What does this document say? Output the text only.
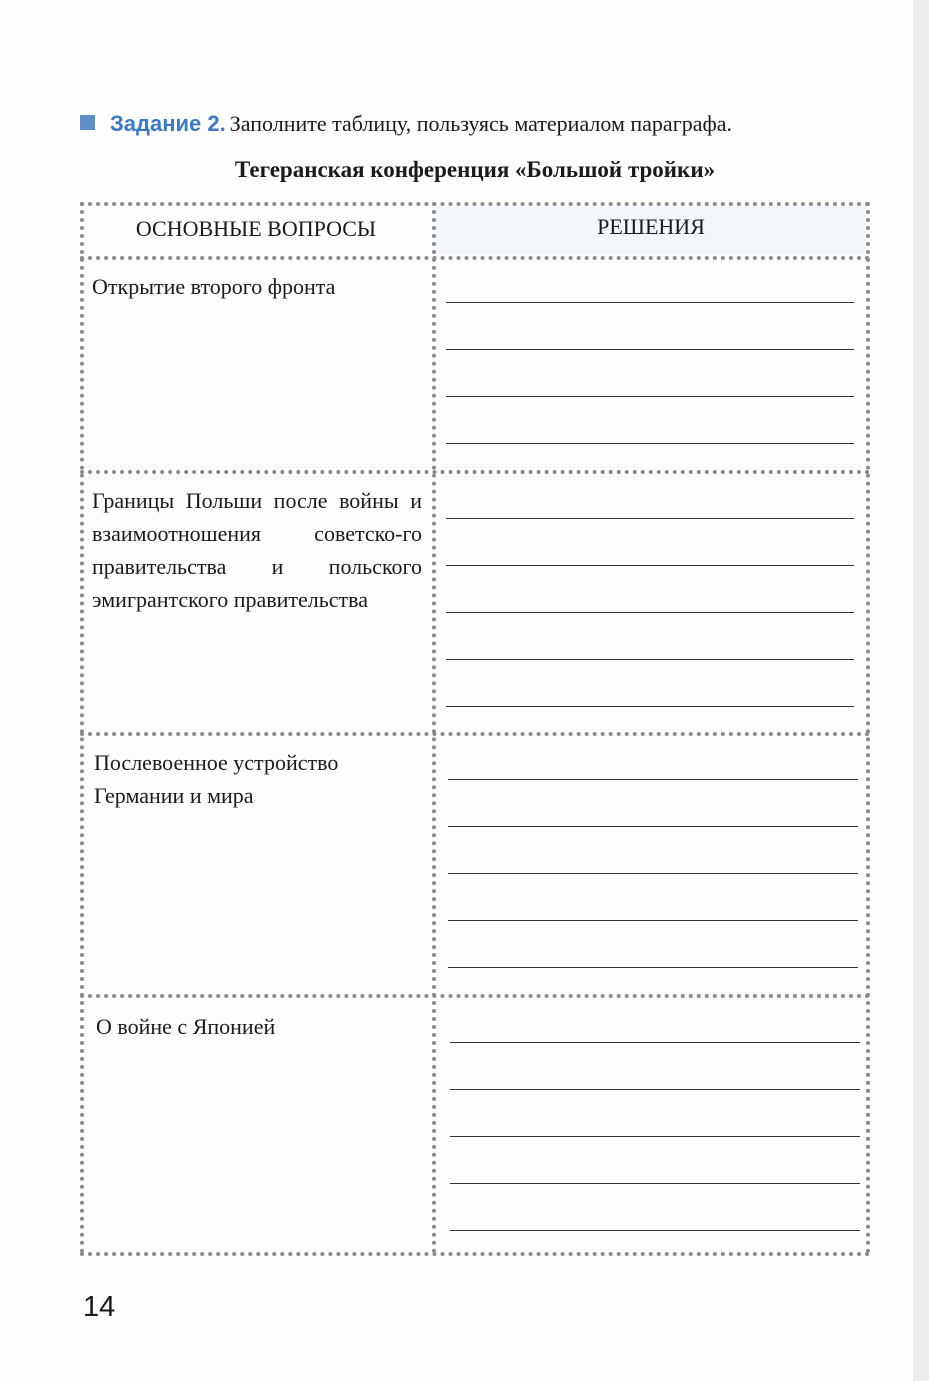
Задание 2. Заполните таблицу, пользуясь материалом параграфа.
Тегеранская конференция «Большой тройки»
ОСНОВНЫЕ ВОПРОСЫ	РЕШЕНИЯ
Открытие второго фронта
Границы Польши после войны и взаимоотношения советско-го правительства и польского эмигрантского правительства
Послевоенное устройство Германии и мира
О войне с Японией
14
